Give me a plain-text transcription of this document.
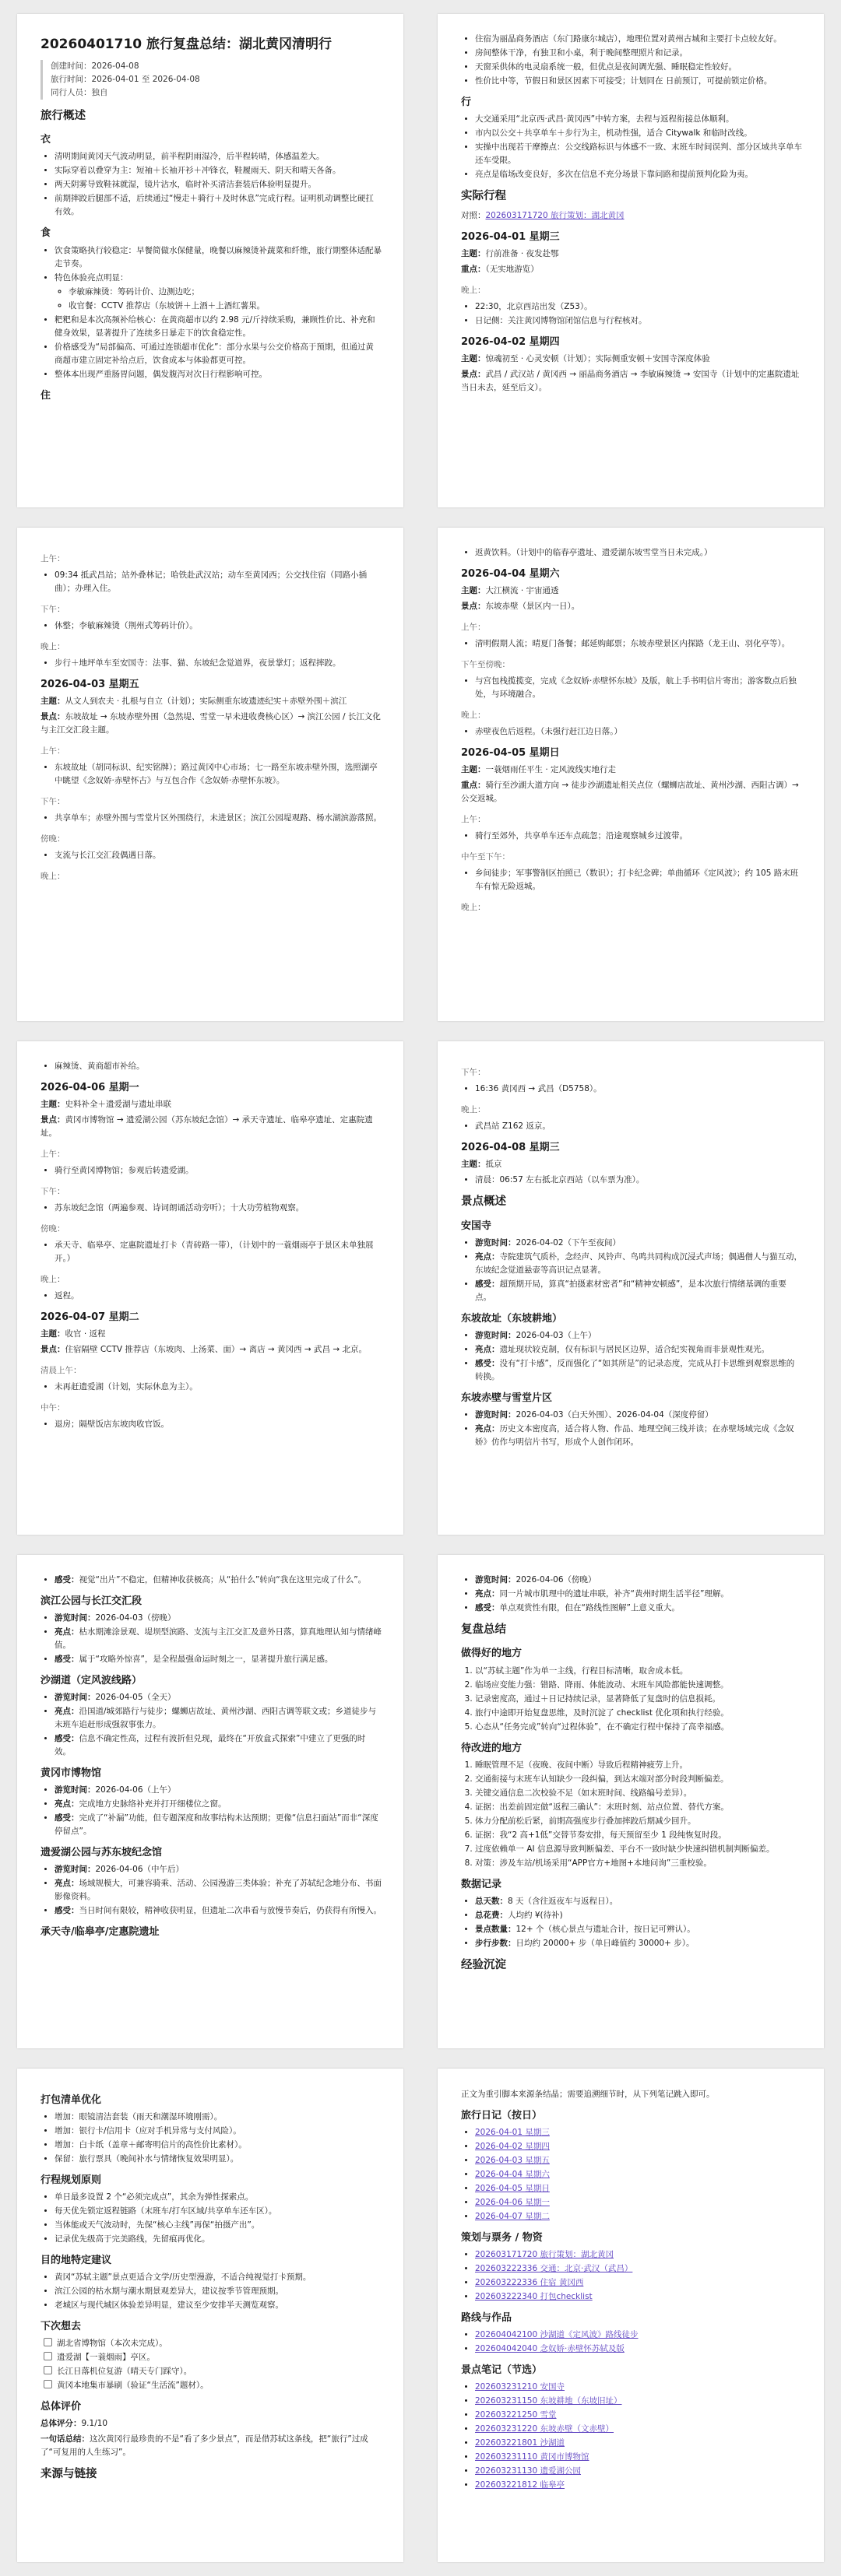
20260401710 旅行复盘总结：湖北黄冈清明行
创建时间：2026-04-08
旅行时间：2026-04-01 至 2026-04-08
同行人员：独自
旅行概述
衣
• 清明期间黄冈天气波动明显，前半程阴雨湿冷，后半程转晴，体感温差大。
• 实际穿着以叠穿为主：短袖＋长袖开衫＋冲锋衣，鞋履雨天、阴天和晴天各备。
• 两天阴雾导致鞋袜就湿，镜片沾水，临时补买清洁套装后体验明显提升。
• 前期摔跤后腿部不适，后续通过“慢走＋骑行＋及时休息”完成行程。证明机动调整比硬扛有效。
食
• 饮食策略执行较稳定：早餐简做水保健量，晚餐以麻辣烫补蔬菜和纤维，旅行期整体适配暴走节奏。
• 特色体验亮点明显：
◦ 李敏麻辣烫：筹码计价、边测边吃；
◦ 收官餐：CCTV 推荐店（东坡饼＋上酒＋上酒红薯果。
• 粑粑和是本次高频补给核心：在黄商超市以约 2.98 元/斤持续采购，兼顾性价比、补充和健身效果，显著提升了连续多日暴走下的饮食稳定性。
• 价格感受为“局部偏高、可通过连锁超市优化”：部分水果与公交价格高于预期，但通过黄商超市建立固定补给点后，饮食成本与体验都更可控。
• 整体本出现严重肠胃问题，偶发腹泻对次日行程影响可控。
住
• 住宿为丽晶商务酒店（东门路康尔城店），地理位置对黄州古城和主要打卡点较友好。
• 房间整体干净，有独卫和小桌，利于晚间整理照片和记录。
• 天窗采供体的电灵扇系统一般，但优点是夜间调光强、睡眠稳定性较好。
• 性价比中等，节假日和景区因素下可接受；计划同在 日前预订，可提前锁定价格。
行
• 大交通采用“北京西·武昌·黄冈西”中转方案，去程与返程衔接总体顺利。
• 市内以公交＋共享单车＋步行为主，机动性强，适合 Citywalk 和临时改线。
• 实操中出现若干摩擦点：公交线路标识与体感不一致、末班车时间误判、部分区域共享单车还车受限。
• 亮点是临场改变良好，多次在信息不充分场景下靠问路和提前预判化险为夷。
实际行程

对照：202603171720 旅行策划：湖北黄冈

2026-04-01 星期三

主题：行前准备 · 夜发赴鄂

重点：（无实地游览）

晚上：
• 22:30，北京西站出发（Z53）。
• 日记侧：关注黄冈博物馆闭馆信息与行程核对。
2026-04-02 星期四

主题：惊魂初至 · 心灵安顿（计划）；实际侧重安顿＋安国寺深度体验

景点：武昌 / 武汉站 / 黄冈西 → 丽晶商务酒店 → 李敏麻辣烫 → 安国寺（计划中的定惠院遗址当日未去，延至后文）。

上午：
• 09:34 抵武昌站；站外叠林记；哈铁赴武汉站；动车至黄冈西；公交找住宿（同路小插曲）；办理入住。
下午：
• 休整；李敏麻辣烫（荆州式筹码计价）。
晚上：
• 步行＋地坪单车至安国寺：法事、猫、东坡纪念觉道界，夜景掌灯；返程摔跤。
2026-04-03 星期五

主题：从文人到农夫 · 扎根与自立（计划）；实际侧重东坡遗迹纪实＋赤壁外围＋滨江

景点：东坡故址 → 东坡赤壁外围（急然堤、雪堂一早未进收费核心区）→ 滨江公园 / 长江文化与主江交汇段主题。

上午：
• 东坡故址（胡同标识、纪实铭牌）；路过黄冈中心市场；七一路至东坡赤壁外围，选照湖亭中眺望《念奴娇·赤壁怀古》与互包合作《念奴娇·赤壁怀东坡》。
下午：
• 共享单车；赤壁外围与雪堂片区外围绕行，未进景区；滨江公园堤观路、杨水湖滨游落照。
傍晚：
• 支流与长江交汇段偶遇日落。
晚上：
• 返黄饮料。（计划中的临春亭遗址、遗爱湖东坡雪堂当日未完成。）
2026-04-04 星期六

主题：大江横流 · 宇宙通透

景点：东坡赤壁（景区内一日）。

上午：
• 清明假期人流；晴夏门备餐；邮延购邮票；东坡赤壁景区内探路（龙王山、羽化亭等）。
下午至傍晚：
• 与宫包栈揽揽变，完成《念奴娇·赤壁怀东坡》及版，航上手书明信片寄出；游客数点后独处，与环境融合。
晚上：
• 赤壁夜色后返程。（未强行赶江边日落。）
2026-04-05 星期日

主题：一蓑烟雨任平生 · 定风波线实地行走

重点：骑行至沙湖大道方向 → 徒步沙湖遗址相关点位（螺蛳店故址、黄州沙湖、西阳古调）→ 公交返城。

上午：
• 骑行至郊外，共享单车还车点疏忽；沿途观察城乡过渡带。
中午至下午：
• 乡间徒步；军事警制区拍照已（数识）；打卡纪念碑；单曲循环《定风波》；约 105 路末班车有惊无险返城。
晚上：
• 麻辣烫、黄商超市补给。
2026-04-06 星期一

主题：史料补全＋遗爱湖与遗址串联

景点：黄冈市博物馆 → 遗爱湖公园（苏东坡纪念馆）→ 承天寺遗址、临皋亭遗址、定惠院遗址。

上午：
• 骑行至黄冈博物馆；参观后转遗爱湖。
下午：
• 苏东坡纪念馆（两遍参观、诗词朗诵活动旁听）；十大功劳植物观察。
傍晚：
• 承天寺、临皋亭、定惠院遗址打卡（青砖路一带），（计划中的一蓑烟雨亭于景区未单独展开。）
晚上：
• 返程。
2026-04-07 星期二

主题：收官 · 返程

景点：住宿隔壁 CCTV 推荐店（东坡肉、上汤菜、面）→ 离店 → 黄冈西 → 武昌 → 北京。

清晨上午：
• 未再赶遗爱湖（计划，实际休息为主）。
中午：
• 退房；隔壁饭店东坡肉收官饭。
下午：
• 16:36 黄冈西 → 武昌（D5758）。
晚上：
• 武昌站 Z162 返京。
2026-04-08 星期三

主题：抵京

• 清晨：06:57 左右抵北京西站（以车票为准）。
景点概述
安国寺
• 游览时间：2026-04-02（下午至夜间）
• 亮点：寺院建筑气质朴，念经声、风铃声、鸟鸣共同构成沉浸式声场；偶遇僧人与猫互动，东坡纪念觉道悬壶等高识记点显著。
• 感受：超预期开局，算真“拍摄素材密者”和“精神安顿感”，是本次旅行情绪基调的重要点。
东坡故址（东坡耕地）
• 游览时间：2026-04-03（上午）
• 亮点：遗址现状较克制，仅有标识与居民区边界，适合纪实视角而非景观性观光。
• 感受：没有“打卡感”，反而强化了“如其所是”的记录态度，完成从打卡思维到观察思维的转换。
东坡赤壁与雪堂片区
• 游览时间：2026-04-03（白天外围）、2026-04-04（深度停留）
• 亮点：历史文本密度高，适合将人物、作品、地理空间三线并读；在赤壁场域完成《念奴娇》仿作与明信片书写，形成个人创作闭环。
• 感受：视觉“出片”不稳定，但精神收获极高；从“拍什么”转向“我在这里完成了什么”。
滨江公园与长江交汇段
• 游览时间：2026-04-03（傍晚）
• 亮点：枯水期滩涂景观、堤坝型滨路、支流与主江交汇及意外日落，算真地理认知与情绪峰值。
• 感受：属于“攻略外惊喜”，是全程最强命运时刻之一，显著提升旅行满足感。
沙湖道（定风波线路）
• 游览时间：2026-04-05（全天）
• 亮点：沿国道/城郊路行与徒步；螺蛳店故址、黄州沙湖、西阳古调等联文或；乡道徒步与末班车追赶形成强叙事张力。
• 感受：信息不确定性高，过程有波折但兑现，最终在“开放盒式探索”中建立了更强的时效。
黄冈市博物馆
• 游览时间：2026-04-06（上午）
• 亮点：完成地方史脉络补充并打开细楼位之窗。
• 感受：完成了“补漏”功能，但专题深度和故事结构未达预期；更像“信息扫面站”而非“深度停留点”。
遗爱湖公园与苏东坡纪念馆
• 游览时间：2026-04-06（中午后）
• 亮点：场域规模大，可兼容骑乘、活动、公园漫游三类体验；补充了苏轼纪念地分布、书面影像资料。
• 感受：当日时间有限较，精神收获明显，但遗址二次串看与放慢节奏后，仍获得有所慢入。
承天寺/临皋亭/定惠院遗址
• 游览时间：2026-04-06（傍晚）
• 亮点：同一片城市肌理中的遗址串联，补齐“黄州时期生活半径”理解。
• 感受：单点观赏性有限，但在“路线性图解”上意义重大。
复盘总结
做得好的地方
1. 以“苏轼主题”作为单一主线，行程目标清晰，取舍成本低。
2. 临场应变能力强：错路、降雨、体能波动、末班车风险都能快速调整。
3. 记录密度高，通过＋日记持续记录，显著降低了复盘时的信息损耗。
4. 旅行中途即开始复盘思维，及时沉淀了 checklist 优化项和执行经验。
5. 心态从“任务完成”转向“过程体验”，在不确定行程中保持了高幸福感。
待改进的地方
1. 睡眠管理不足（夜晚、夜间中断）导致后程精神疲劳上升。
2. 交通衔接与末班车认知缺少一段纠偏，到达末端对部分时段判断偏差。
3. 关键交通信息二次校验不足（如末班时间、线路编号差异）。
4. 证据：出差前固定做“返程三确认”：末班时刻、站点位置、替代方案。
5. 体力分配前松后紧，前期高强度步行叠加摔跤后期减少回升。
6. 证据：我“2 高+1低”交替节奏安排，每天预留至少 1 段纯恢复时段。
7. 过度依赖单一 AI 信息源导致判断偏差、平台不一致时缺少快速纠错机制判断偏差。
8. 对策：涉及车站/机场采用“APP官方+地图+本地问询”三重校验。
数据记录
• 总天数：8 天（含往返夜车与返程日）。
• 总花费：人均约 ¥(待补)
• 景点数量：12+ 个（核心景点与遗址合计，按日记可辨认）。
• 步行步数：日均约 20000+ 步（单日峰值约 30000+ 步）。
经验沉淀
打包清单优化
• 增加：眼镜清洁套装（雨天和潮湿环境刚需）。
• 增加：银行卡/信用卡（应对手机异常与支付风险）。
• 增加：白卡纸（盖章＋邮寄明信片的高性价比素材）。
• 保留：旅行票具（晚间补水与情绪恢复效果明显）。
行程规划原则
• 单日最多设置 2 个“必须完成点”，其余为弹性探索点。
• 每天优先锁定返程链路（末班车/打车区域/共享单车还车区）。
• 当体能或天气波动时，先保“核心主线”再保“拍摄产出”。
• 记录优先级高于完美路线，先留痕再优化。
目的地特定建议
• 黄冈“苏轼主题”景点更适合文学/历史型漫游，不适合纯视觉打卡预期。
• 滨江公园的枯水期与潮水期景观差异大，建议按季节管理预期。
• 老城区与现代城区体验差异明显，建议至少安排半天测览观察。
下次想去
湖北省博物馆（本次未完成）。
遗爱湖【一蓑烟雨】亭区。
长江日落机位复游（晴天专门踩守）。
黄冈本地集市暴刷（验证“生活流”题材）。
总体评价

总体评分：9.1/10

一句话总结：这次黄冈行最珍贵的不是“看了多少景点”，而是借苏轼这条线，把“旅行”过成了“可复用的人生练习”。

来源与链接

正文为重引脚本来源条结晶；需要追溯细节时，从下列笔记跳入即可。

旅行日记（按日）
• 2026-04-01 星期三
• 2026-04-02 星期四
• 2026-04-03 星期五
• 2026-04-04 星期六
• 2026-04-05 星期日
• 2026-04-06 星期一
• 2026-04-07 星期二
策划与票务 / 物资
• 202603171720 旅行策划：湖北黄冈
• 202603222336 交通：北京·武汉（武昌）
• 202603222336 住宿 黄冈西
• 202603222340 打包checklist
路线与作品
• 202604042100 沙湖道《定风波》路线徒步
• 202604042040 念奴娇·赤壁怀苏轼及版
景点笔记（节选）
• 202603231210 安国寺
• 202603231150 东坡耕地（东坡旧址）
• 202603221250 雪堂
• 202603231220 东坡赤壁（文赤壁）
• 202603221801 沙湖道
• 202603231110 黄冈市博物馆
• 202603231130 遗爱湖公园
• 202603221812 临皋亭
